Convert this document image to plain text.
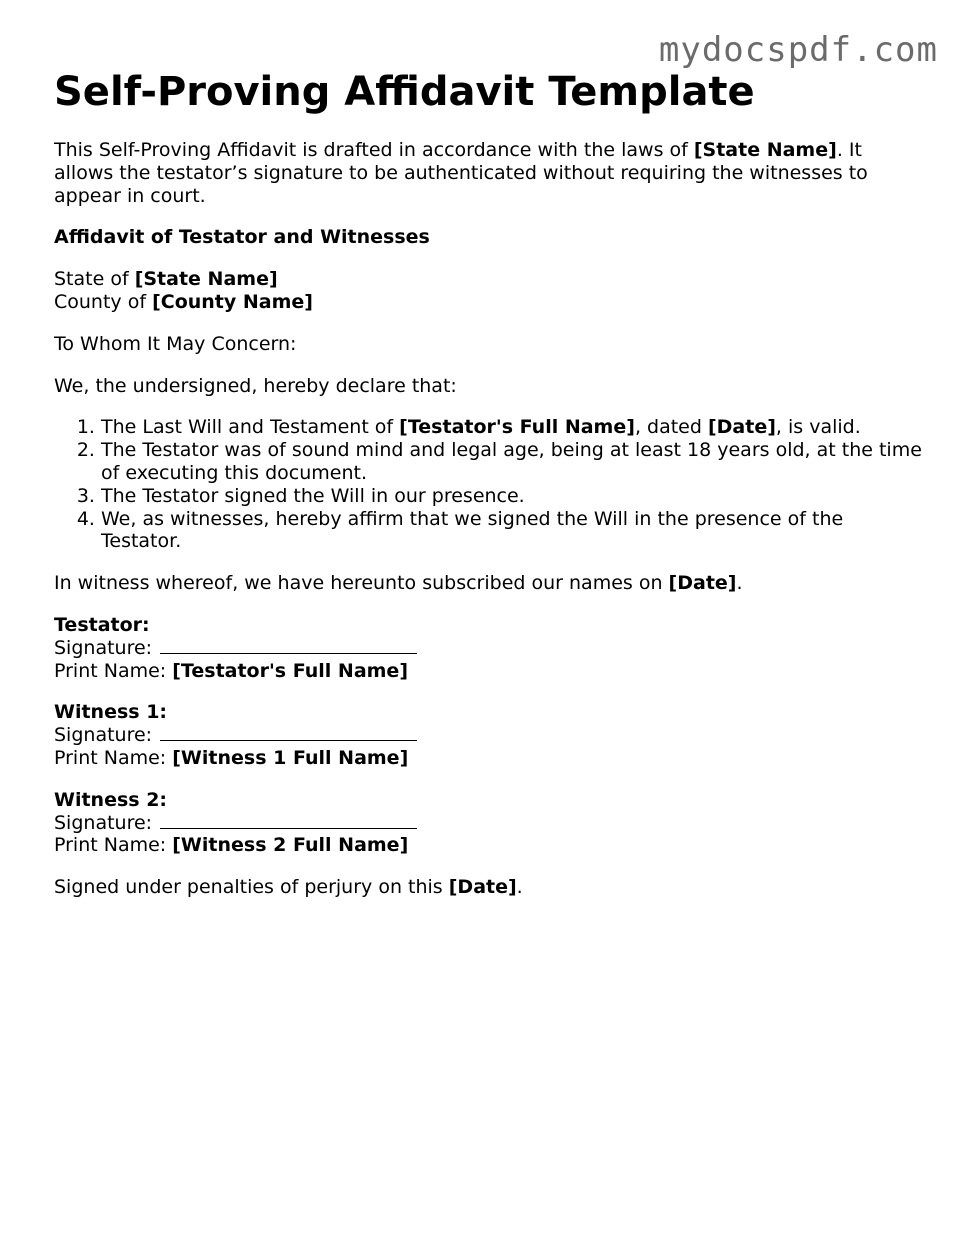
mydocspdf.com
Self-Proving Affidavit Template

This Self-Proving Affidavit is drafted in accordance with the laws of [State Name]. It allows the testator’s signature to be authenticated without requiring the witnesses to appear in court.

Affidavit of Testator and Witnesses

State of [State Name]
County of [County Name]

To Whom It May Concern:

We, the undersigned, hereby declare that:

1. The Last Will and Testament of [Testator's Full Name], dated [Date], is valid.
2. The Testator was of sound mind and legal age, being at least 18 years old, at the time of executing this document.
3. The Testator signed the Will in our presence.
4. We, as witnesses, hereby affirm that we signed the Will in the presence of the Testator.

In witness whereof, we have hereunto subscribed our names on [Date].

Testator:
Signature:
Print Name: [Testator's Full Name]
Witness 1:
Signature:
Print Name: [Witness 1 Full Name]
Witness 2:
Signature:
Print Name: [Witness 2 Full Name]

Signed under penalties of perjury on this [Date].
